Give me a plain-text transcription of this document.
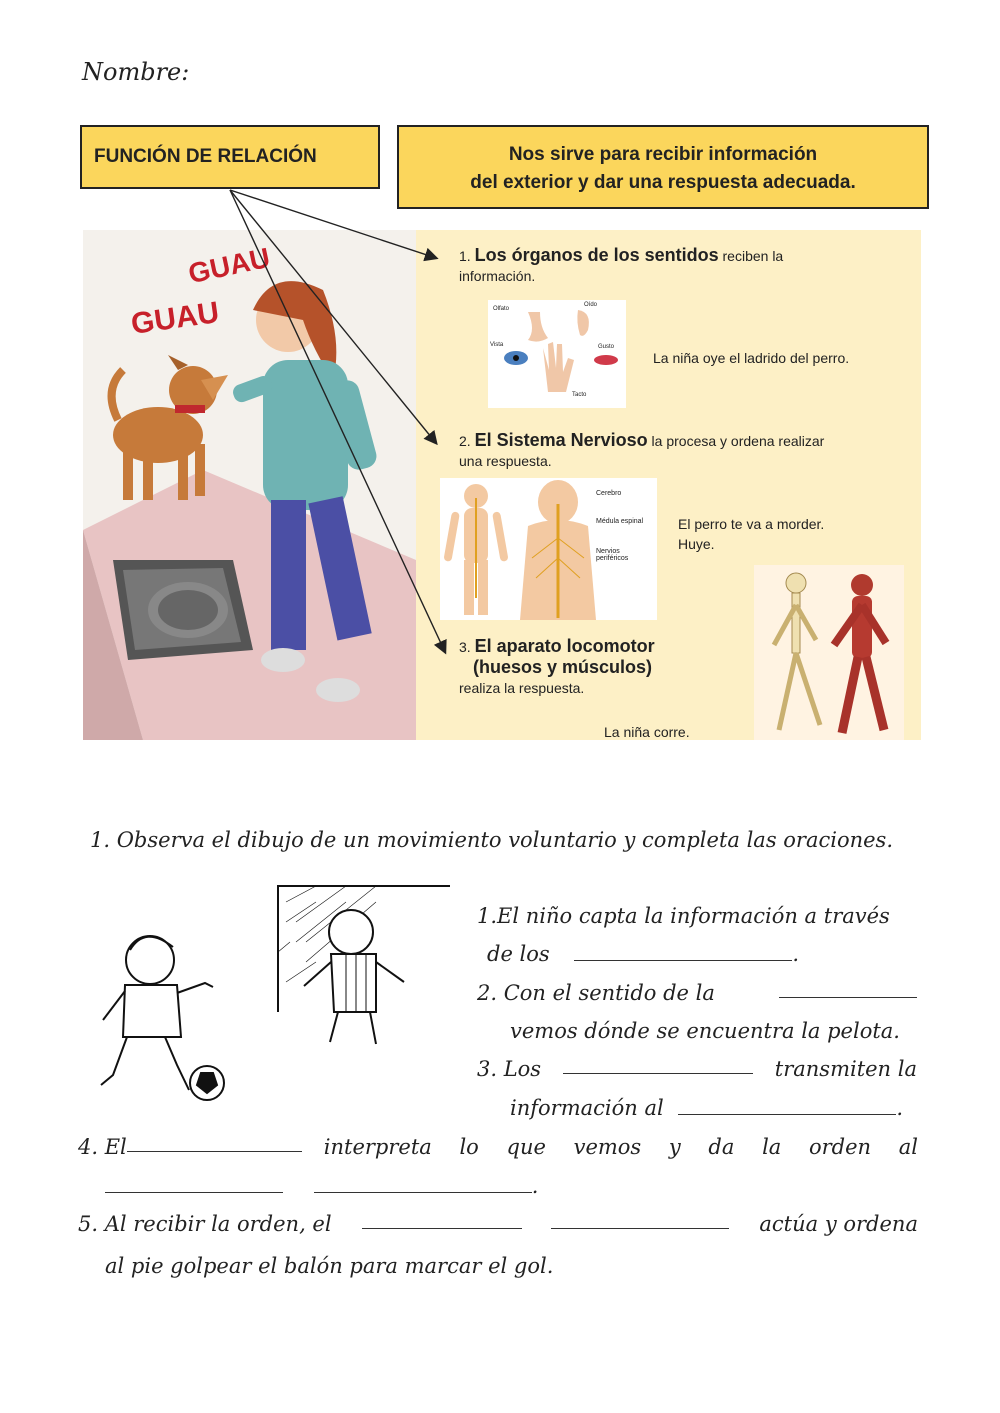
Nombre:
FUNCIÓN DE RELACIÓN	Nos sirve para recibir información
del exterior y dar una respuesta adecuada.
GUAU
GUAU	1. Los órganos de los sentidos reciben la
información.
Olfato
Oído
Vista	Gusto
Tacto
La niña oye el ladrido del perro.
2. El Sistema Nervioso la procesa y ordena realizar
una respuesta.
Cerebro
Médula espinal
Nervios periféricos
El perro te va a morder.
Huye.
3. El aparato locomotor
(huesos y músculos)
realiza la respuesta.
La niña corre.
1. Observa el dibujo de un movimiento voluntario y completa las oraciones.
1.El niño capta la información a través
de los	.
2. Con el sentido de la
vemos dónde se encuentra la pelota.
3. Los	transmiten la
información al	.
4. El	interpreta lo que vemos y da la orden al
.
5. Al recibir la orden, el	actúa y ordena
al pie golpear el balón para marcar el gol.
